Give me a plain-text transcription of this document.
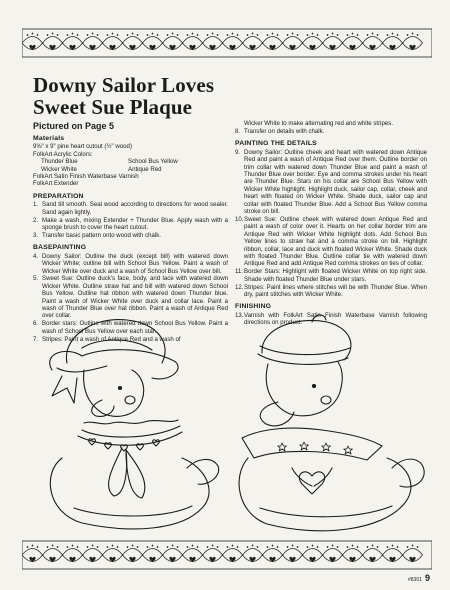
Downy Sailor Loves
Sweet Sue Plaque
Pictured on Page 5
Materials
9⅝" x 9" pine heart cutout (½" wood)
FolkArt Acrylic Colors:
Thunder Blue	School Bus Yellow
Wicker White	Antique Red
FolkArt Satin Finish Waterbase Varnish
FolkArt Extender
PREPARATION
1. Sand till smooth. Seal wood according to directions for wood sealer. Sand again lightly.
2. Make a wash, mixing Extender + Thunder Blue. Apply wash with a sponge brush to cover the heart cutout.
3. Transfer basic pattern onto wood with chalk.
BASEPAINTING
4. Downy Sailor: Outline the duck (except bill) with watered down Wicker White; outline bill with School Bus Yellow. Paint a wash of Wicker White over duck and a wash of School Bus Yellow over bill.
5. Sweet Sue: Outline duck's face, body, and lace with watered down Wicker White. Outline straw hat and bill with watered down School Bus Yellow. Outline hat ribbon with watered down Thunder blue. Paint a wash of Wicker White over duck and collar lace. Paint a wash of Thunder Blue over hat ribbon. Paint a wash of Antique Red over collar.
6. Border stars: Outline with watered down School Bus Yellow. Paint a wash of School Bus Yellow over each star.
7. Stripes: Paint a wash of Antique Red and a wash of
Wicker White to make alternating red and white stripes.
8. Transfer on details with chalk.
PAINTING THE DETAILS
9. Downy Sailor: Outline cheek and heart with watered down Antique Red and paint a wash of Antique Red over them. Outline border on trim collar with watered down Thunder Blue and paint a wash of Thunder Blue over border. Eye and comma strokes under his heart are Thunder Blue. Stars on his collar are School Bus Yellow with Wicker White highlight. Highlight duck, sailor cap, collar, cheek and heart with floated on Wicker White. Shade duck, sailor cap and collar with floated Thunder Blue. Add a School Bus Yellow comma stroke on bill.
10. Sweet Sue: Outline cheek with watered down Antique Red and paint a wash of color over it. Hearts on her collar border trim are Antique Red with Wicker White highlight dots. Add School Bus Yellow lines to straw hat and a comma stroke on bill. Highlight ribbon, collar, lace and duck with floated Wicker White. Shade duck with floated Thunder Blue. Outline collar tie with watered down Antique Red and add Antique Red comma strokes on ties of collar.
11. Border Stars: Highlight with floated Wicker White on top right side. Shade with floated Thunder Blue under stars.
12. Stripes: Paint lines where stitches will be with Thunder Blue. When dry, paint stitches with Wicker White.
FINISHING
13. Varnish with FolkArt Satin Finish Waterbase Varnish following directions on product.
#8301 9
